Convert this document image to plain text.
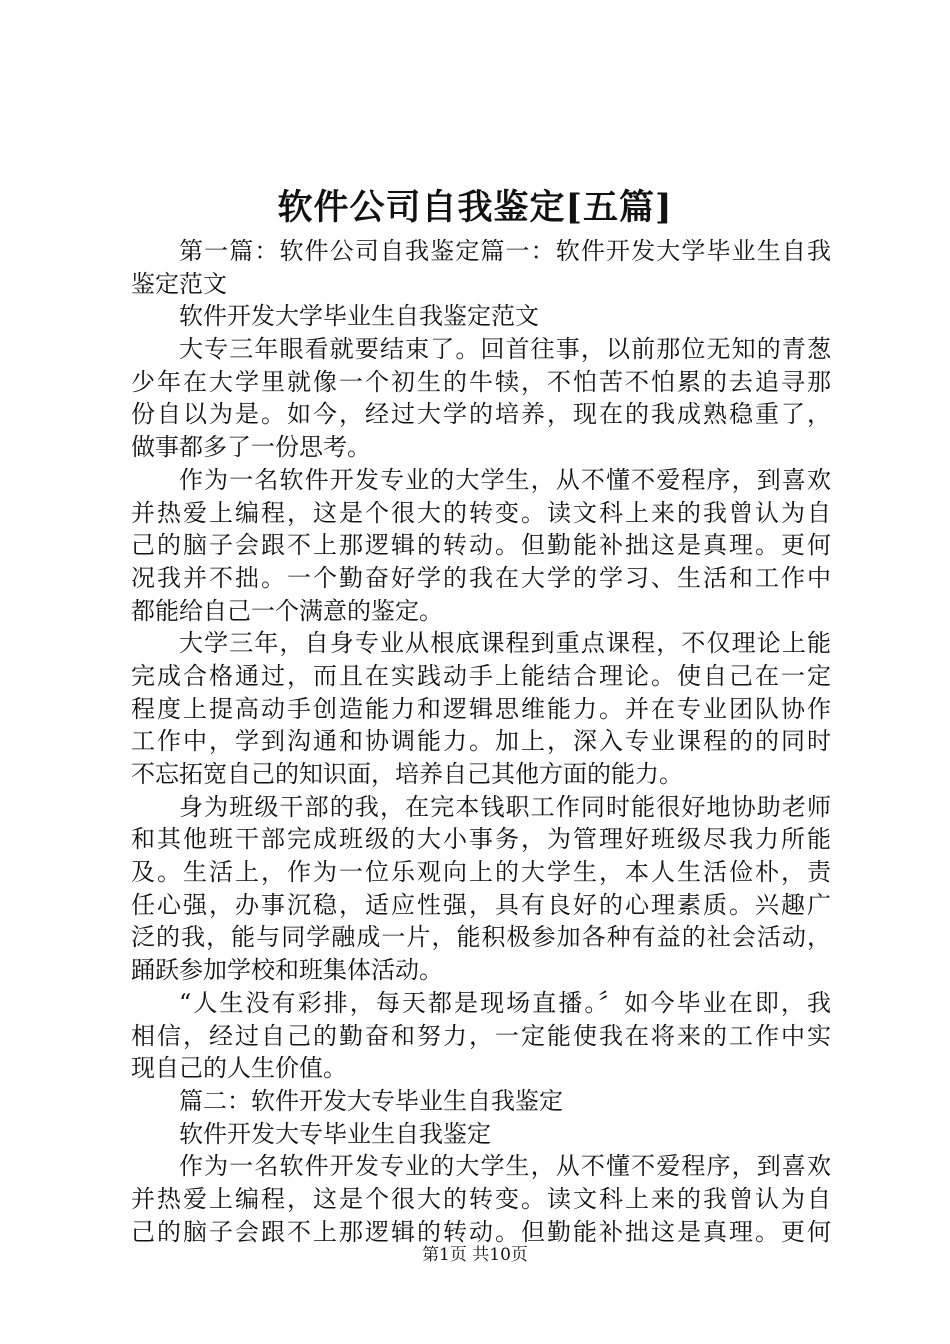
软件公司自我鉴定[五篇]
第一篇：软件公司自我鉴定篇一：软件开发大学毕业生自我
鉴定范文
软件开发大学毕业生自我鉴定范文
大专三年眼看就要结束了。回首往事，以前那位无知的青葱
少年在大学里就像一个初生的牛犊，不怕苦不怕累的去追寻那
份自以为是。如今，经过大学的培养，现在的我成熟稳重了，
做事都多了一份思考。
作为一名软件开发专业的大学生，从不懂不爱程序，到喜欢
并热爱上编程，这是个很大的转变。读文科上来的我曾认为自
己的脑子会跟不上那逻辑的转动。但勤能补拙这是真理。更何
况我并不拙。一个勤奋好学的我在大学的学习、生活和工作中
都能给自己一个满意的鉴定。
大学三年，自身专业从根底课程到重点课程，不仅理论上能
完成合格通过，而且在实践动手上能结合理论。使自己在一定
程度上提高动手创造能力和逻辑思维能力。并在专业团队协作
工作中，学到沟通和协调能力。加上，深入专业课程的的同时
不忘拓宽自己的知识面，培养自己其他方面的能力。
身为班级干部的我，在完本钱职工作同时能很好地协助老师
和其他班干部完成班级的大小事务，为管理好班级尽我力所能
及。生活上，作为一位乐观向上的大学生，本人生活俭朴，责
任心强，办事沉稳，适应性强，具有良好的心理素质。兴趣广
泛的我，能与同学融成一片，能积极参加各种有益的社会活动，
踊跃参加学校和班集体活动。
“人生没有彩排，每天都是现场直播。〞如今毕业在即，我
相信，经过自己的勤奋和努力，一定能使我在将来的工作中实
现自己的人生价值。
篇二：软件开发大专毕业生自我鉴定
软件开发大专毕业生自我鉴定
作为一名软件开发专业的大学生，从不懂不爱程序，到喜欢
并热爱上编程，这是个很大的转变。读文科上来的我曾认为自
己的脑子会跟不上那逻辑的转动。但勤能补拙这是真理。更何
第1页 共10页
